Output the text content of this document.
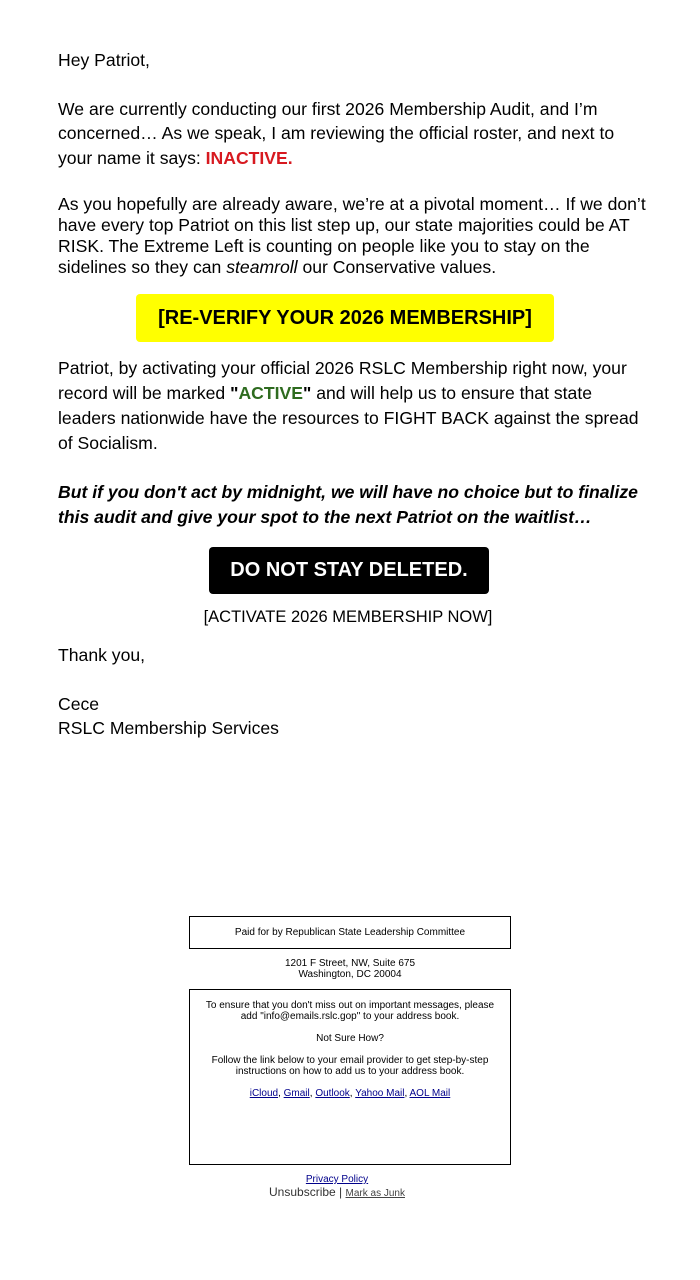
Hey Patriot,

We are currently conducting our first 2026 Membership Audit, and I’m concerned… As we speak, I am reviewing the official roster, and next to your name it says: INACTIVE.

As you hopefully are already aware, we’re at a pivotal moment… If we don’t have every top Patriot on this list step up, our state majorities could be AT RISK. The Extreme Left is counting on people like you to stay on the sidelines so they can steamroll our Conservative values.

[RE-VERIFY YOUR 2026 MEMBERSHIP]

Patriot, by activating your official 2026 RSLC Membership right now, your record will be marked "ACTIVE" and will help us to ensure that state leaders nationwide have the resources to FIGHT BACK against the spread of Socialism.

But if you don't act by midnight, we will have no choice but to finalize this audit and give your spot to the next Patriot on the waitlist…

DO NOT STAY DELETED.
[ACTIVATE 2026 MEMBERSHIP NOW]

Thank you,

Cece

RSLC Membership Services

Paid for by Republican State Leadership Committee
1201 F Street, NW, Suite 675
Washington, DC 20004
To ensure that you don't miss out on important messages, please add "info@emails.rslc.gop" to your address book.
Not Sure How?
Follow the link below to your email provider to get step-by-step instructions on how to add us to your address book.
iCloud, Gmail, Outlook, Yahoo Mail, AOL Mail
Privacy Policy
Unsubscribe | Mark as Junk
